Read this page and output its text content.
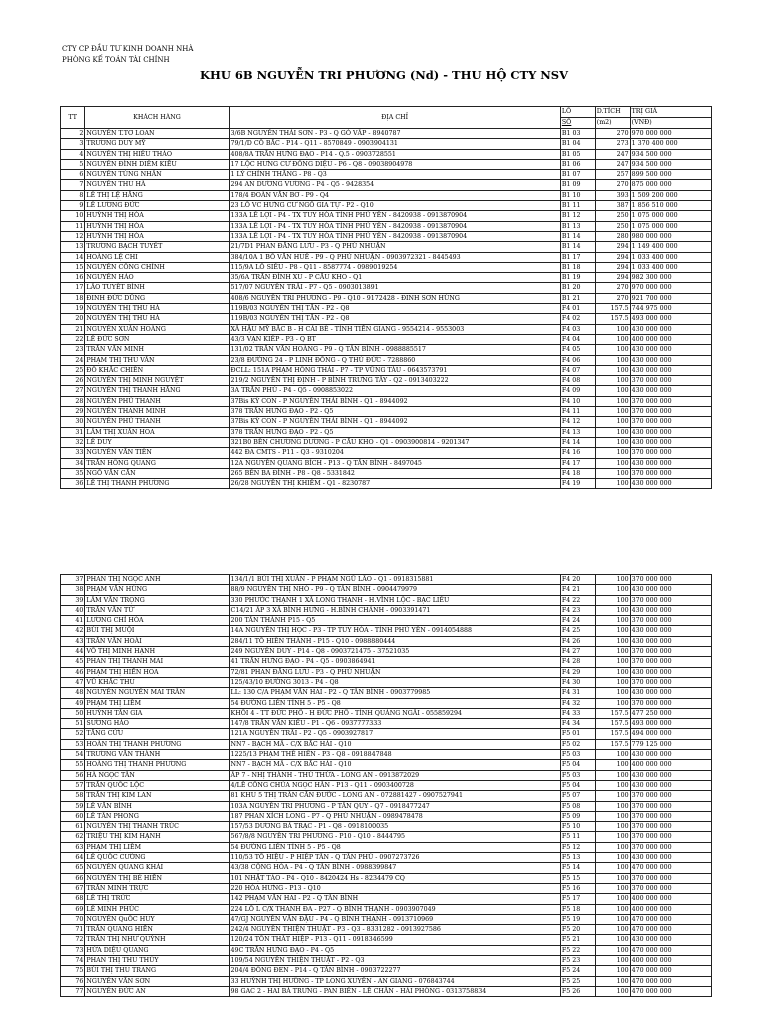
CTY CP ĐẦU TƯ KINH DOANH NHÀ
PHÒNG KẾ TOÁN TÀI CHÍNH
KHU 6B NGUYỄN TRI PHƯƠNG (Nd) - THU HỘ CTY NSV
TT	KHÁCH HÀNG	ĐỊA CHỈ	LÔ	D.TÍCH	TRỊ GIÁ
			SỐ	(m2)	(VNĐ)
2	NGUYỄN T.TƠ LOAN	3/6B NGUYỄN THÁI SƠN - P3 - Q GÒ VẤP - 8940787	B1 03	270	970 000 000
3	TRƯƠNG DUY MỸ	79/1/D CÔ BẮC - P14 - Q11 - 8570849 - 0903904131	B1 04	273	1 370 400 000
4	NGUYỄN THỊ HIẾU THẢO	408/8A TRẦN HƯNG ĐẠO - P14 - Q.5 - 0903728551	B1 05	247	934 500 000
5	NGUYỄN ĐÌNH DIỄM KIỀU	17 LỘC HƯNG CƯ ĐÔNG DIỆU - P6 - Q8 - 09038904978	B1 06	247	934 500 000
6	NGUYỄN TÙNG NHÂN	1 LÝ CHÍNH THẮNG - P8 - Q3	B1 07	257	899 500 000
7	NGUYỄN THU HÀ	294 AN DƯƠNG VƯƠNG - P4 - Q5 - 9428354	B1 09	270	875 000 000
8	LÊ THỊ LỆ HẰNG	178/4 ĐOÀN VĂN BƠ - P9 - Q4	B1 10	393	1 509 200 000
9	LÊ LƯƠNG ĐỨC	23 LÔ VC HƯNG CƯ NGÔ GIA TỰ - P2 - Q10	B1 11	387	1 856 510 000
10	HUỲNH THỊ HÒA	133A LÊ LỢI - P4 - TX TUY HÒA TỈNH PHÚ YÊN - 8420938 - 0913870904	B1 12	250	1 075 000 000
11	HUỲNH THỊ HÒA	133A LÊ LỢI - P4 - TX TUY HÒA TỈNH PHÚ YÊN - 8420938 - 0913870904	B1 13	250	1 075 000 000
12	HUỲNH THỊ HÒA	133A LÊ LỢI - P4 - TX TUY HÒA TỈNH PHÚ YÊN - 8420938 - 0913870904	B1 14	280	980 000 000
13	TRƯƠNG BẠCH TUYẾT	21/7D1 PHAN ĐĂNG LƯU - P3 - Q PHÚ NHUẬN	B1 14	294	1 149 400 000
14	HOÀNG LỆ CHI	384/10A 1 BÔ VĂN HUÊ - P9 - Q PHÚ NHUẬN - 0903972321 - 8445493	B1 17	294	1 033 400 000
15	NGUYỄN CÔNG CHÍNH	115/9A LÔ SIÊU - P8 - Q11 - 8587774 - 0989019254	B1 18	294	1 033 400 000
16	NGUYỄN HẢO	35/6A TRẦN ĐÌNH XU - P CẦU KHO - Q1	B1 19	294	982 300 000
17	LÃO TUYẾT BÌNH	517/07 NGUYỄN TRÃI - P7 - Q5 - 0903013891	B1 20	270	970 000 000
18	ĐINH ĐỨC DŨNG	408/6 NGUYỄN TRI PHƯƠNG - P9 - Q10 - 9172428 - ĐINH SƠN HÙNG	B1 21	270	921 700 000
19	NGUYỄN THỊ THU HÀ	119B/03 NGUYỄN THỊ TẦN - P2 - Q8	F4 01	157.5	744 975 000
20	NGUYỄN THỊ THU HÀ	119B/03 NGUYỄN THỊ TẦN - P2 - Q8	F4 02	157.5	493 000 000
21	NGUYỄN XUÂN HOÀNG	XÃ HẬU MỸ BẮC B - H CÁI BÈ - TỈNH TIỀN GIANG - 9554214 - 9553003	F4 03	100	430 000 000
22	LÊ ĐỨC SƠN	43/3 VẠN KIẾP - P3 - Q BT	F4 04	100	400 000 000
23	TRẦN VĂN MINH	131/02 TRẦN VĂN HOÀNG - P9 - Q TÂN BÌNH - 0988885517	F4 05	100	430 000 000
24	PHẠM THỊ THU VÂN	23/8 ĐƯỜNG 24 - P LINH ĐÔNG - Q THỦ ĐỨC - 7288860	F4 06	100	430 000 000
25	ĐỖ KHẮC CHIẾN	ĐCLL: 151A PHẠM HỒNG THÁI - P7 - TP VŨNG TÀU - 0643573791	F4 07	100	430 000 000
26	NGUYỄN THỊ MINH NGUYỆT	219/2 NGUYỄN THỊ ĐỊNH - P BÌNH TRƯNG TÂY - Q2 - 0913403222	F4 08	100	370 000 000
27	NGUYỄN THỊ THANH HẰNG	3A TRẦN PHÚ - P4 - Q5 - 0908853022	F4 09	100	430 000 000
28	NGUYỄN PHÚ THANH	37Bis KỲ CON - P NGUYỄN THÁI BÌNH - Q1 - 8944092	F4 10	100	370 000 000
29	NGUYỄN THANH MINH	378 TRẦN HƯNG ĐẠO - P2 - Q5	F4 11	100	370 000 000
30	NGUYỄN PHÚ THANH	37Bis KỲ CON - P NGUYỄN THÁI BÌNH - Q1 - 8944092	F4 12	100	370 000 000
31	LÂM THỊ XUÂN HOA	378 TRẦN HƯNG ĐẠO - P2 - Q5	F4 13	100	430 000 000
32	LÊ DUY	321B0 BẾN CHƯƠNG DƯƠNG - P CẦU KHO - Q1 - 0903900814 - 9201347	F4 14	100	430 000 000
33	NGUYỄN VĂN TIẾN	442 ĐA CMTS - P11 - Q3 - 9310204	F4 16	100	370 000 000
34	TRẦN HỒNG QUANG	12A NGUYỄN QUANG BÍCH - P13 - Q TÂN BÌNH - 8497045	F4 17	100	430 000 000
35	NGÔ VĂN CẦN	265 BẾN BA ĐÌNH - P8 - Q8 - 5331842	F4 18	100	370 000 000
36	LÊ THỊ THANH PHƯƠNG	26/28 NGUYỄN THỊ KHIÊM - Q1 - 8230787	F4 19	100	430 000 000
37	PHAN THỊ NGỌC ANH	134/1/1 BÙI THỊ XUÂN - P PHẠM NGŨ LÃO - Q1 - 0918315881	F4 20	100	370 000 000
38	PHẠM VĂN HÙNG	88/9 NGUYỄN THỊ NHỎ - P9 - Q TÂN BÌNH - 0904479979	F4 21	100	430 000 000
39	LÂM VĂN TRỌNG	330 PHƯỚC THẠNH 1 XÃ LONG THẠNH - H.VĨNH LỘC - BẠC LIÊU	F4 22	100	370 000 000
40	TRẦN VĂN TỨ	C14/21 ẤP 3 XÃ BÌNH HƯNG - H.BÌNH CHÁNH - 0903391471	F4 23	100	430 000 000
41	LƯƠNG CHÍ HÒA	200 TÂN THÀNH P15 - Q5	F4 24	100	370 000 000
42	BÙI THỊ MUỘI	14A NGUYỄN THỊ HỌC - P3 - TP TUY HÒA - TỈNH PHÚ YÊN - 0914054888	F4 25	100	430 000 000
43	TRẦN VĂN HOÀI	284/11 TÔ HIẾN THÀNH - P15 - Q10 - 0988880444	F4 26	100	430 000 000
44	VÕ THỊ MINH HẠNH	249 NGUYỄN DUY - P14 - Q8 - 0903721475 - 37521035	F4 27	100	370 000 000
45	PHAN THỊ THANH MAI	41 TRẦN HƯNG ĐẠO - P4 - Q5 - 0903864941	F4 28	100	370 000 000
46	PHẠM THỊ HIỀN HOA	72/81 PHAN ĐĂNG LƯU - P3 - Q PHÚ NHUẬN	F4 29	100	430 000 000
47	VŨ KHẮC THU	125/43/10 ĐƯỜNG 3013 - P4 - Q8	F4 30	100	370 000 000
48	NGUYỄN NGUYỄN MAI TRÂN	LL: 130 C/A PHẠM VĂN HAI - P2 - Q TÂN BÌNH - 0903779985	F4 31	100	430 000 000
49	PHẠM THỊ LIÊM	54 ĐƯỜNG LIÊN TỈNH 5 - P5 - Q8	F4 32	100	370 000 000
50	HUỲNH TÂN GIA	KHỐI 4 - TT ĐỨC PHỔ - H ĐỨC PHỔ - TỈNH QUẢNG NGÃI - 055859294	F4 33	157.5	477 250 000
51	SƯƠNG HẢO	147/8 TRẦN VĂN KIỂU - P1 - Q6 - 0937777333	F4 34	157.5	493 000 000
52	TĂNG CỪU	121A NGUYỄN TRÃI - P2 - Q5 - 0903927817	F5 01	157.5	494 000 000
53	HOÀN THỊ THANH PHƯƠNG	NN7 - BẠCH MÃ - C/X BẮC HẢI - Q10	F5 02	157.5	779 125 000
54	TRƯƠNG VĂN THÀNH	1225/13 PHẠM THẾ HIỂN - P3 - Q8 - 0918847848	F5 03	100	430 000 000
55	HOÀNG THỊ THANH PHƯƠNG	NN7 - BẠCH MÃ - C/X BẮC HẢI - Q10	F5 04	100	400 000 000
56	HÀ NGỌC TÂN	ẤP 7 - NHỊ THÀNH - THỦ THỪA - LONG AN - 0913872029	F5 03	100	430 000 000
57	TRẦN QUỐC LỘC	4/LÊ CÔNG CHÚA NGỌC HÂN - P13 - Q11 - 0903400728	F5 04	100	430 000 000
58	TRẦN THỊ KIM LAN	81 KHU 5 THỊ TRẤN CẦN ĐƯỚC - LONG AN - 072881427 - 0907527941	F5 07	100	370 000 000
59	LÊ VĂN BÌNH	103A NGUYỄN TRI PHƯƠNG - P TÂN QUY - Q7 - 0918477247	F5 08	100	370 000 000
60	LÊ TẤN PHONG	187 PHAN XÍCH LONG - P7 - Q PHÚ NHUẬN - 0989478478	F5 09	100	370 000 000
61	NGUYỄN THỊ THANH TRÚC	157/53 DƯƠNG BÁ TRẠC - P1 - Q8 - 0918100035	F5 10	100	370 000 000
62	TRIỆU THỊ KIM HẠNH	567/8/8 NGUYỄN TRI PHƯƠNG - P10 - Q10 - 8444795	F5 11	100	370 000 000
63	PHẠM THỊ LIÊM	54 ĐƯỜNG LIÊN TỈNH 5 - P5 - Q8	F5 12	100	370 000 000
64	LÊ QUỐC CƯỜNG	110/53 TÔ HIỆU - P HIỆP TÂN - Q TÂN PHÚ - 0907273726	F5 13	100	430 000 000
65	NGUYỄN QUANG KHẢI	43/38 CỘNG HÒA - P4 - Q TÂN BÌNH - 0988399847	F5 14	100	470 000 000
66	NGUYỄN THỊ BÉ HIỀN	101 NHẬT TẢO - P4 - Q10 - 8420424 Hs - 8234479 CQ	F5 15	100	370 000 000
67	TRẦN MINH TRỰC	220 HÒA HƯNG - P13 - Q10	F5 16	100	370 000 000
68	LÊ THỊ TRỨC	142 PHẠM VĂN HAI - P2 - Q TÂN BÌNH	F5 17	100	400 000 000
69	LÊ MINH PHÚC	224 LÔ L C/X THANH ĐA - P27 - Q BÌNH THẠNH - 0903907049	F5 18	100	400 000 000
70	NGUYỄN QuỐC HUY	47/GJ NGUYỄN VĂN ĐẬU - P4 - Q BÌNH THẠNH - 0913710969	F5 19	100	470 000 000
71	TRẦN QUANG HIỀN	242/4 NGUYỄN THIỆN THUẬT - P3 - Q3 - 8331282 - 0913927586	F5 20	100	470 000 000
72	TRẦN THỊ NHƯ QUỲNH	120/24 TÔN THẤT HIỆP - P13 - Q11 - 0918346599	F5 21	100	430 000 000
73	HỨA DIỆU QUANG	49C TRẦN HƯNG ĐẠO - P4 - Q5	F5 22	100	470 000 000
74	PHAN THỊ THU THỦY	109/54 NGUYỄN THIỆN THUẬT - P2 - Q3	F5 23	100	400 000 000
75	BÙI THỊ THU TRANG	204/4 ĐỒNG ĐEN - P14 - Q TÂN BÌNH - 0903722277	F5 24	100	470 000 000
76	NGUYỄN VĂN SƠN	33 HUỲNH THỊ HƯỜNG - TP LONG XUYÊN - AN GIANG - 076843744	F5 25	100	470 000 000
77	NGUYỄN ĐỨC AN	98 GAC 2 - HAI BÀ TRƯNG - PAN BIÊN - LÊ CHÂN - HẢI PHÒNG - 0313758834	F5 26	100	470 000 000
